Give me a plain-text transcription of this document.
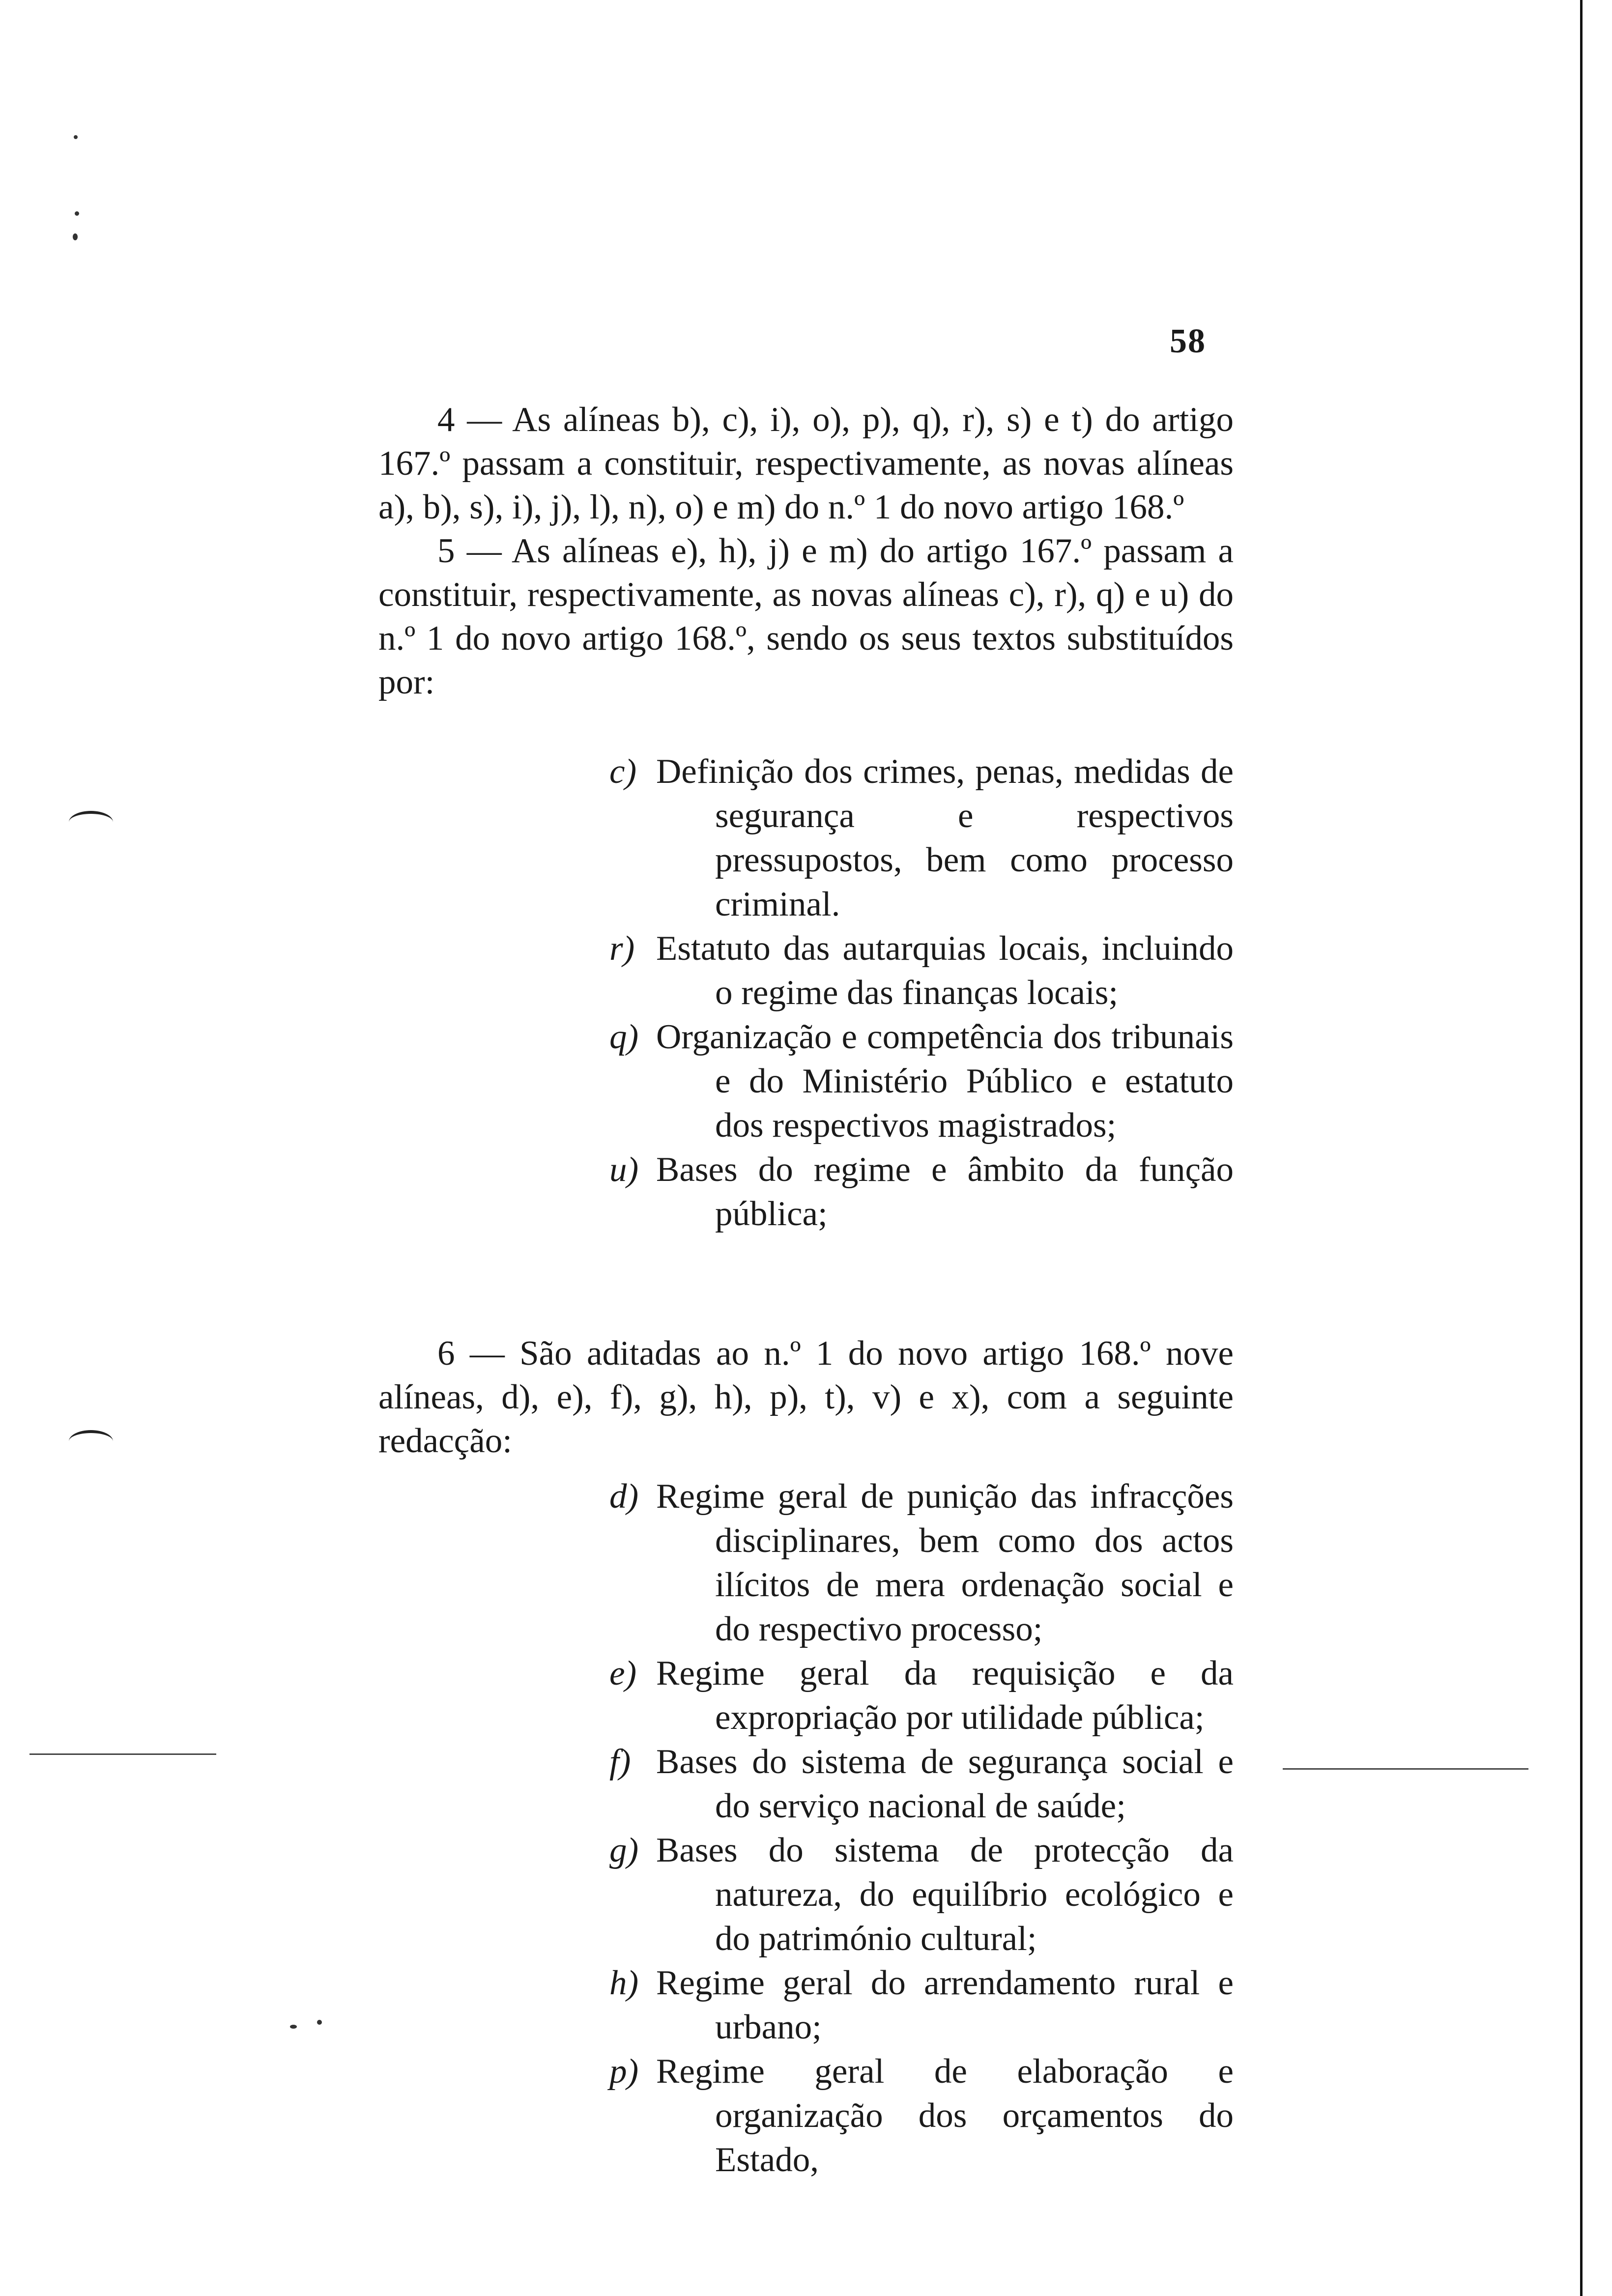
58

4 — As alíneas b), c), i), o), p), q), r), s) e t) do artigo 167.º passam a constituir, respectivamente, as novas alíneas a), b), s), i), j), l), n), o) e m) do n.º 1 do novo artigo 168.º

5 — As alíneas e), h), j) e m) do artigo 167.º passam a constituir, respectivamente, as novas alíneas c), r), q) e u) do n.º 1 do novo artigo 168.º, sendo os seus textos substituídos por:

c) Definição dos crimes, penas, medidas de segurança e respectivos pressupostos, bem como processo criminal.

r) Estatuto das autarquias locais, incluindo o regime das finanças locais;

q) Organização e competência dos tribunais e do Ministério Público e estatuto dos respectivos magistrados;

u) Bases do regime e âmbito da função pública;

6 — São aditadas ao n.º 1 do novo artigo 168.º nove alíneas, d), e), f), g), h), p), t), v) e x), com a seguinte redacção:

d) Regime geral de punição das infracções disciplinares, bem como dos actos ilícitos de mera ordenação social e do respectivo processo;

e) Regime geral da requisição e da expropriação por utilidade pública;

f) Bases do sistema de segurança social e do serviço nacional de saúde;

g) Bases do sistema de protecção da natureza, do equilíbrio ecológico e do património cultural;

h) Regime geral do arrendamento rural e urbano;

p) Regime geral de elaboração e organização dos orçamentos do Estado,
